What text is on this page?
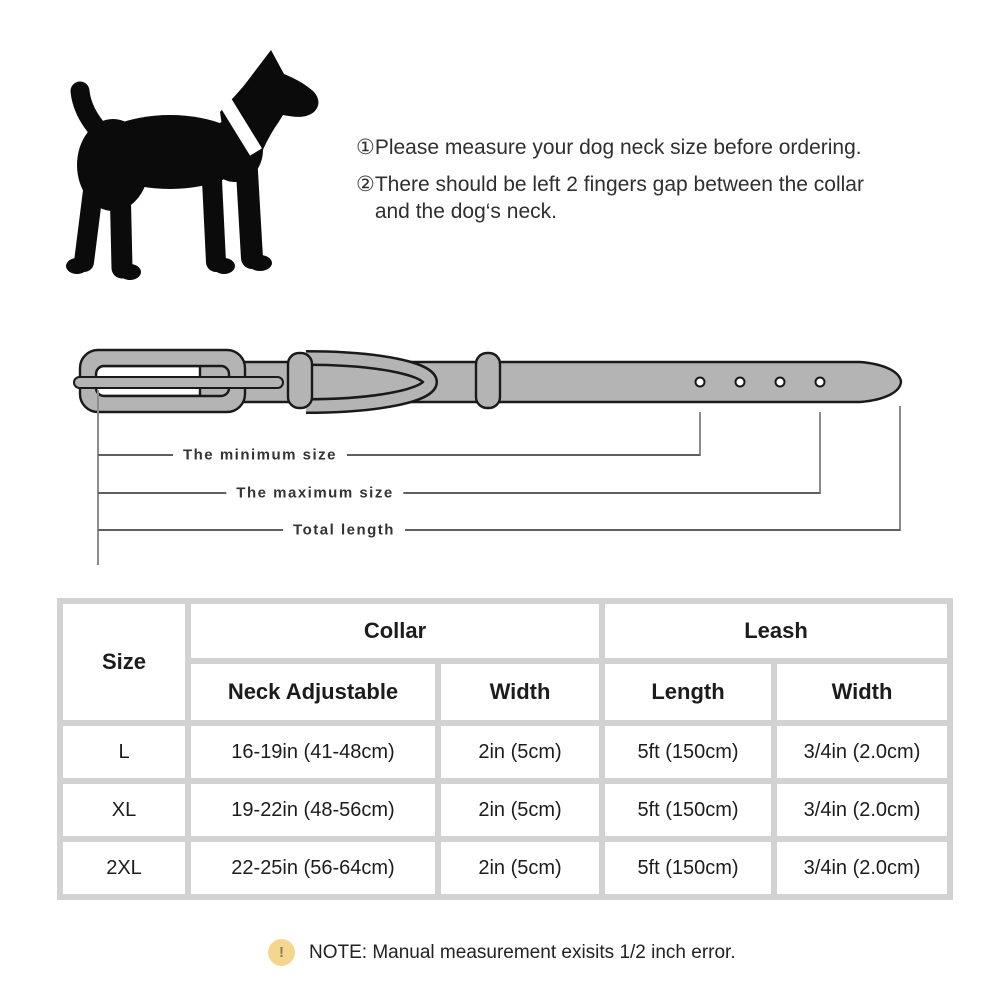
① Please measure your dog neck size before ordering.
② There should be left 2 fingers gap between the collar and the dog‘s neck.
The minimum size
The maximum size
Total length
Size	Collar		Leash	
	Neck Adjustable	Width	Length	Width
L	16-19in (41-48cm)	2in (5cm)	5ft (150cm)	3/4in (2.0cm)
XL	19-22in (48-56cm)	2in (5cm)	5ft (150cm)	3/4in (2.0cm)
2XL	22-25in (56-64cm)	2in (5cm)	5ft (150cm)	3/4in (2.0cm)
! NOTE: Manual measurement exisits 1/2 inch error.
